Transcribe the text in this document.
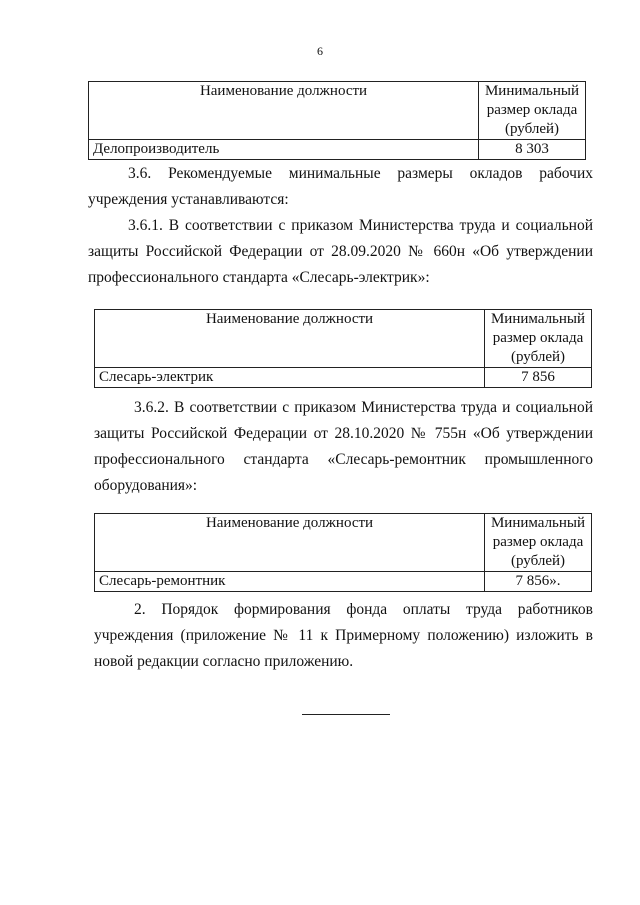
6
Наименование должности	Минимальный
размер оклада
(рублей)

Делопроизводитель	8 303

3.6. Рекомендуемые минимальные размеры окладов рабочих учреждения устанавливаются:

3.6.1. В соответствии с приказом Министерства труда и социальной защиты Российской Федерации от 28.09.2020 № 660н «Об утверждении профессионального стандарта «Слесарь-электрик»:

Наименование должности	Минимальный
размер оклада
(рублей)

Слесарь-электрик	7 856

3.6.2. В соответствии с приказом Министерства труда и социальной защиты Российской Федерации от 28.10.2020 № 755н «Об утверждении профессионального стандарта «Слесарь-ремонтник промышленного оборудования»:

Наименование должности	Минимальный
размер оклада
(рублей)

Слесарь-ремонтник	7 856».

2. Порядок формирования фонда оплаты труда работников учреждения (приложение № 11 к Примерному положению) изложить в новой редакции согласно приложению.
